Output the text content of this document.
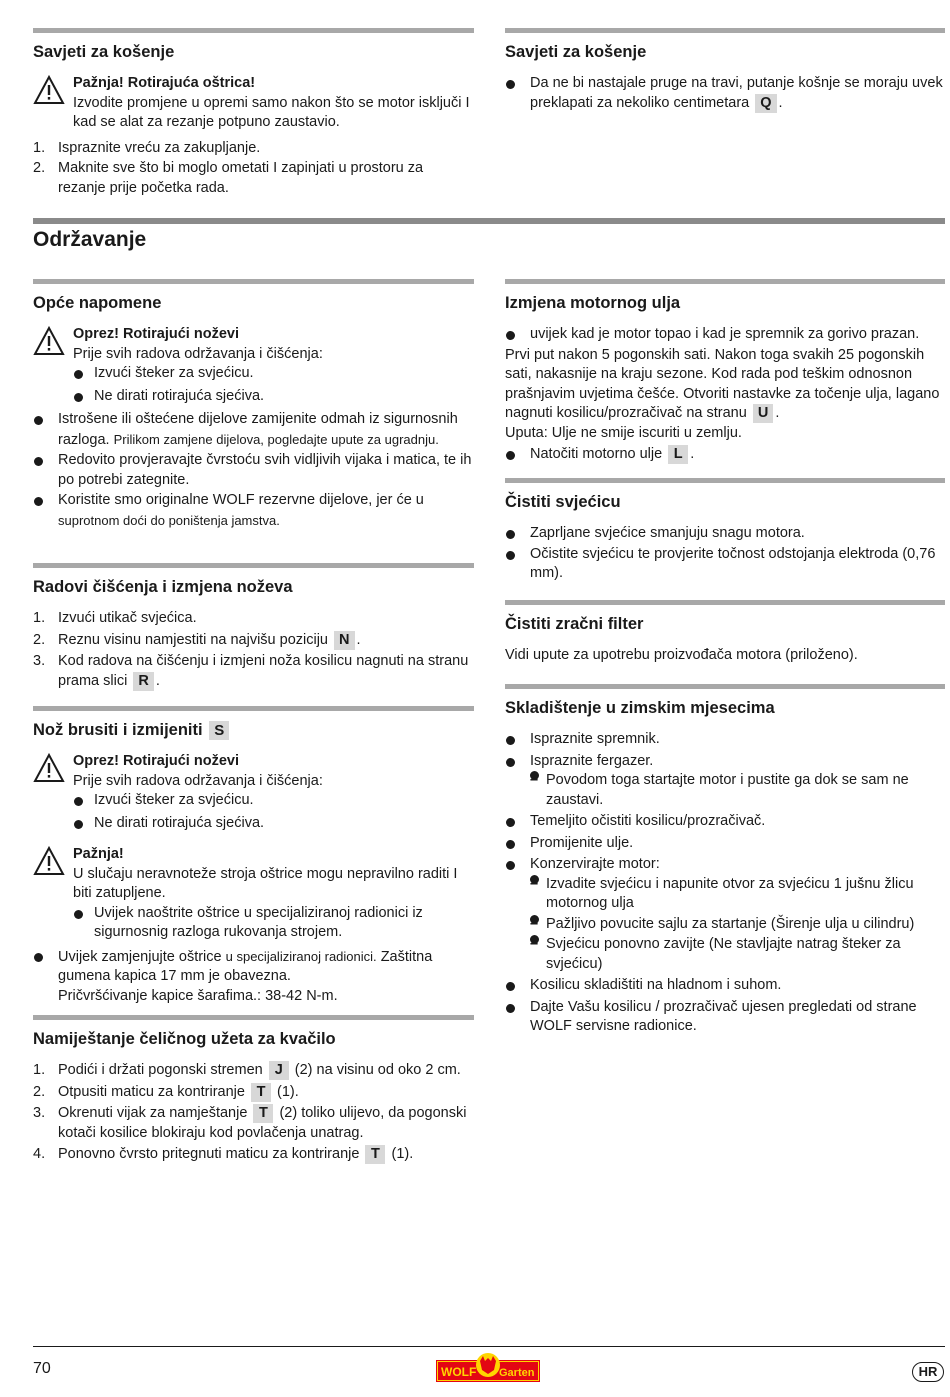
Savjeti za košenje
Pažnja! Rotirajuća oštrica!
Izvodite promjene u opremi samo nakon što se motor isključi I kad se alat za rezanje potpuno zaustavio.
1. Ispraznite vreću za zakupljanje.
2. Maknite sve što bi moglo ometati I zapinjati u prostoru za rezanje prije početka rada.
Savjeti za košenje
Da ne bi nastajale pruge na travi, putanje košnje se moraju uvek preklapati za nekoliko centimetara Q .
Održavanje
Opće napomene
Oprez! Rotirajući noževi
Prije svih radova održavanja i čišćenja:
Izvući šteker za svjećicu.
Ne dirati rotirajuća sjećiva.
Istrošene ili oštećene dijelove zamijenite odmah iz sigurnosnih razloga. Prilikom zamjene dijelova, pogledajte upute za ugradnju.
Redovito provjeravajte čvrstoću svih vidljivih vijaka i matica, te ih po potrebi zategnite.
Koristite smo originalne WOLF rezervne dijelove, jer će u suprotnom doći do poništenja jamstva.
Radovi čišćenja i izmjena noževa
1. Izvući utikač svjećica.
2. Reznu visinu namjestiti na najvišu poziciju N .
3. Kod radova na čišćenju i izmjeni noža kosilicu nagnuti na stranu prama slici R .
Nož brusiti i izmijeniti S
Oprez! Rotirajući noževi
Prije svih radova održavanja i čišćenja:
Izvući šteker za svjećicu.
Ne dirati rotirajuća sjećiva.
Pažnja!
U slučaju neravnoteže stroja oštrice mogu nepravilno raditi I biti zatupljene.
Uvijek naoštrite oštrice u specijaliziranoj radionici iz sigurnosnig razloga rukovanja strojem.
Uvijek zamjenjujte oštrice u specijaliziranoj radionici. Zaštitna gumena kapica 17 mm je obavezna.
Pričvršćivanje kapice šarafima.: 38-42 N-m.
Namiještanje čeličnog užeta za kvačilo
1. Podići i držati pogonski stremen J (2) na visinu od oko 2 cm.
2. Otpusiti maticu za kontriranje T (1).
3. Okrenuti vijak za namještanje T (2) toliko ulijevo, da pogonski kotači kosilice blokiraju kod povlačenja unatrag.
4. Ponovno čvrsto pritegnuti maticu za kontriranje T (1).
Izmjena motornog ulja
uvijek kad je motor topao i kad je spremnik za gorivo prazan.
Prvi put nakon 5 pogonskih sati. Nakon toga svakih 25 pogonskih sati, nakasnije na kraju sezone. Kod rada pod teškim odnosnon prašnjavim uvjetima češće. Otvoriti nastavke za točenje ulja, lagano nagnuti kosilicu/prozračivač na stranu U .
Uputa: Ulje ne smije iscuriti u zemlju.
Natočiti motorno ulje L .
Čistiti svjećicu
Zaprljane svjećice smanjuju snagu motora.
Očistite svjećicu te provjerite točnost odstojanja elektroda (0,76 mm).
Čistiti zračni filter
Vidi upute za upotrebu proizvođača motora (priloženo).
Skladištenje u zimskim mjesecima
Ispraznite spremnik.
Ispraznite fergazer.
– Povodom toga startajte motor i pustite ga dok se sam ne zaustavi.
Temeljito očistiti kosilicu/prozračivač.
Promijenite ulje.
Konzervirajte motor:
– Izvadite svjećicu i napunite otvor za svjećicu 1 jušnu žlicu motornog ulja
– Pažljivo povucite sajlu za startanje (Širenje ulja u cilindru)
– Svjećicu ponovno zavijte (Ne stavljajte natrag šteker za svjećicu)
Kosilicu skladištiti na hladnom i suhom.
Dajte Vašu kosilicu / prozračivač ujesen pregledati od strane WOLF servisne radionice.
70	WOLF Garten	HR
